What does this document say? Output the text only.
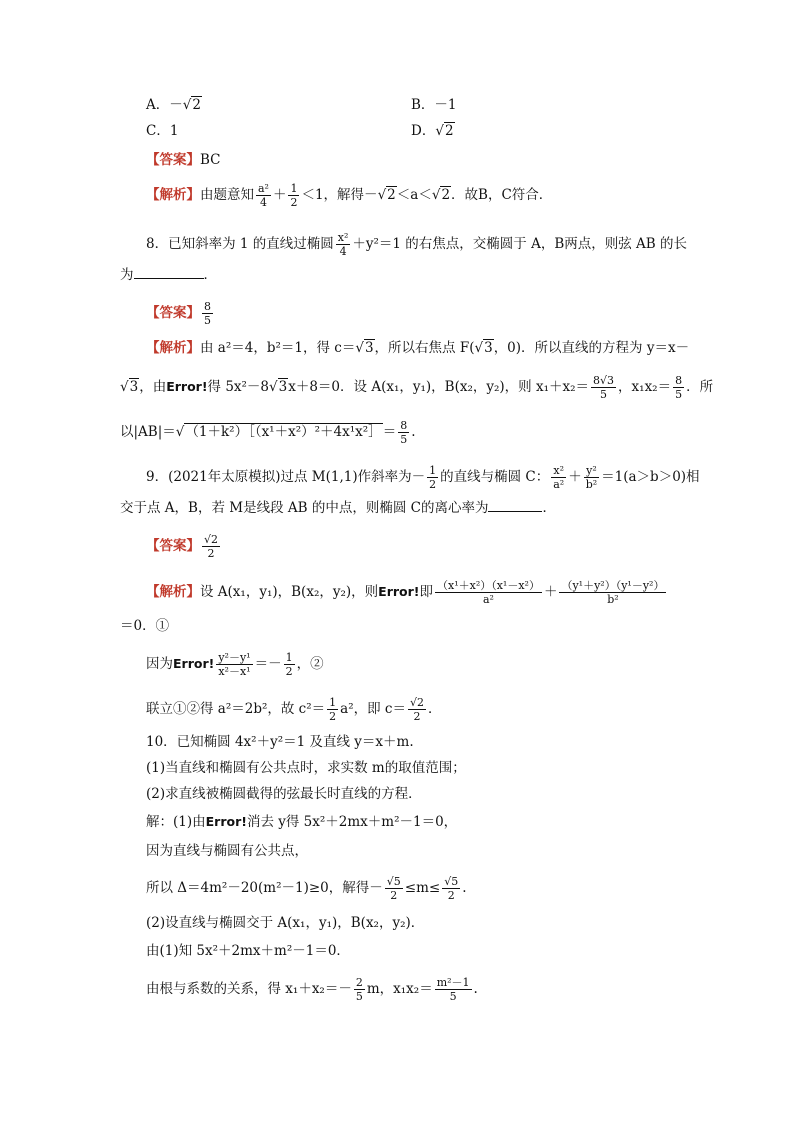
A．－√2	B．－1
C．1	D．√2
【答案】BC
【解析】由题意知 $\frac{\text{a²}}{4} + \frac{1}{2} <1$，解得－√2＜a＜√2．故B，C符合．
8．已知斜率为 1 的直线过椭圆 $\frac{\text{x²}}{4} +y^2=1$ 的右焦点，交椭圆于 A，B两点，则弦 AB 的长
为	．
【答案】 $\frac{8}{5}$
【解析】由 a²＝4，b²＝1，得 c＝√3，所以右焦点 F(√3，0)．所以直线的方程为 y＝x－
√3，由Error!得 5x²－8√3x＋8＝0．设 A(x₁，y₁)，B(x₂，y₂)，则 $x_1+x_2= \frac{8√3}{5}$ ，$x_1x_2= \frac{8}{5}$ ．所
以|AB|＝√（1＋k²）［（x¹＋x²）²＋4x¹x²］＝ $\frac{8}{5}$ .
9．(2021年太原模拟)过点 M(1,1)作斜率为－ $\frac{1}{2}$ 的直线与椭圆 C： $\frac{\text{x²}}{\text{a²}} + \frac{\text{y²}}{\text{b²}} =1(a>b>0)$相
交于点 A，B，若 M是线段 AB 的中点，则椭圆 C的离心率为	．
【答案】 $\frac{√2}{2}$
【解析】设 A(x₁，y₁)，B(x₂，y₂)，则Error!即 $\frac{\text{（x¹＋x²）（x¹－x²）}}{\text{a²}} + \frac{\text{（y¹＋y²）（y¹－y²）}}{\text{b²}}$
＝0．①
因为Error! $\frac{\text{y²－y¹}}{\text{x²－x¹}} =- \frac{1}{2}$ ，②
联立①②得 a²＝2b²，故 $c^2= \frac{1}{2} a^2$，即 $c= \frac{√2}{2}$ ．
10．已知椭圆 4x²＋y²＝1 及直线 y＝x＋m.
(1)当直线和椭圆有公共点时，求实数 m的取值范围；
(2)求直线被椭圆截得的弦最长时直线的方程．
解：(1)由Error!消去 y得 5x²＋2mx＋m²－1＝0，
因为直线与椭圆有公共点，
所以 Δ＝4m²－20(m²－1)≥0，解得－ $\frac{√5}{2} \le m\le \frac{√5}{2}$ .
(2)设直线与椭圆交于 A(x₁，y₁)，B(x₂，y₂)．
由(1)知 5x²＋2mx＋m²－1＝0．
由根与系数的关系，得 $x_1+x_2=- \frac{2}{5}$ m，$x_1x_2= \frac{\text{m²－1}}{5}$ .
